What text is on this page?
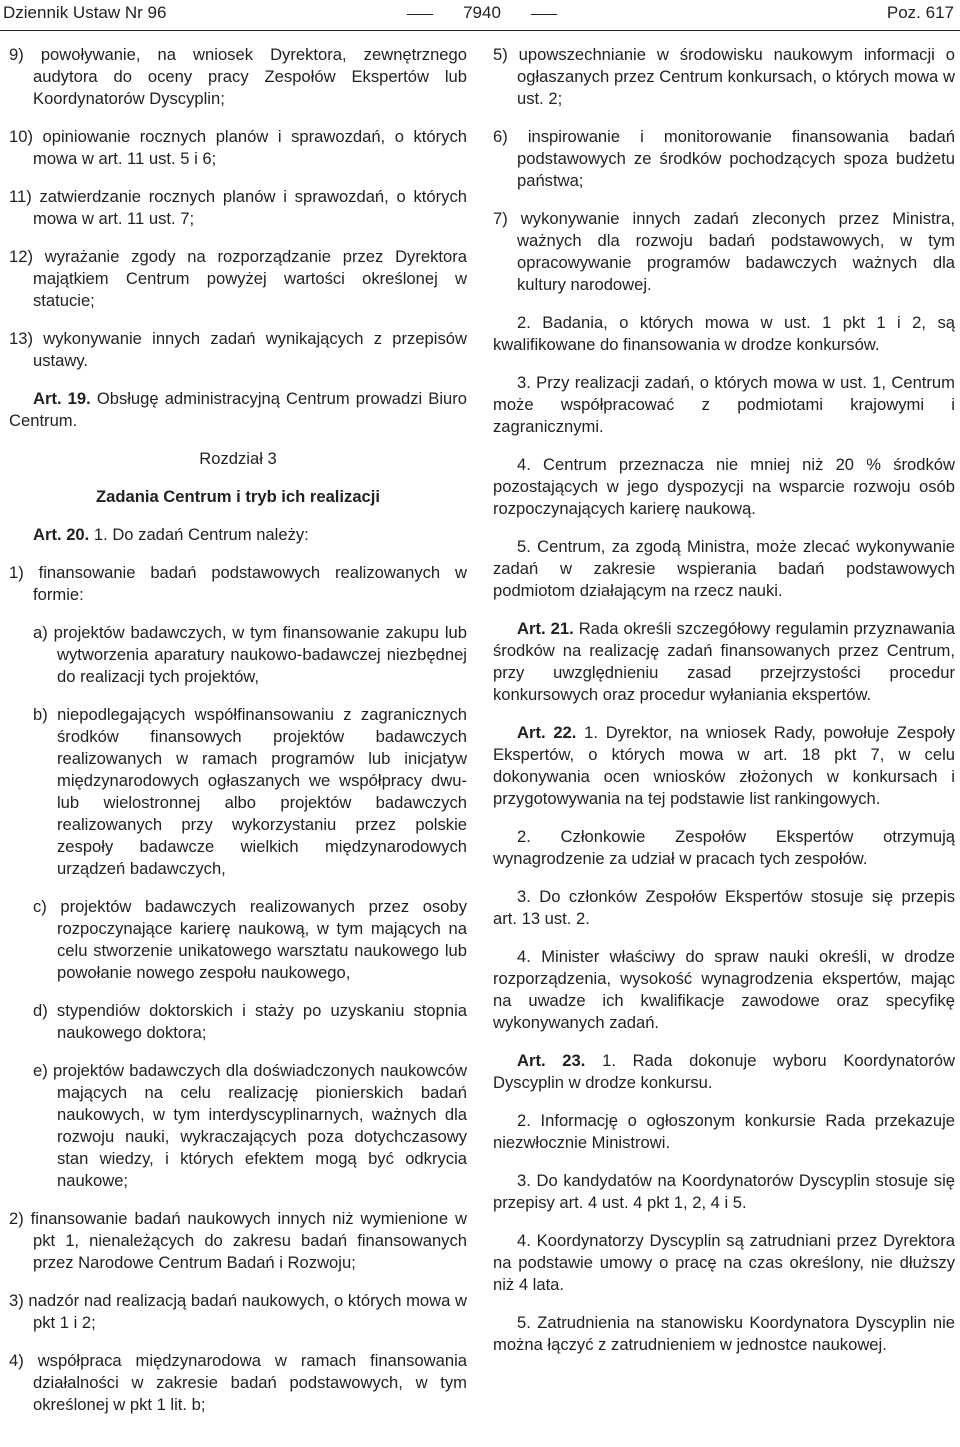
Dziennik Ustaw Nr 96	7940	Poz. 617

9) powoływanie, na wniosek Dyrektora, zewnętrznego audytora do oceny pracy Zespołów Ekspertów lub Koordynatorów Dyscyplin;

10) opiniowanie rocznych planów i sprawozdań, o których mowa w art. 11 ust. 5 i 6;

11) zatwierdzanie rocznych planów i sprawozdań, o których mowa w art. 11 ust. 7;

12) wyrażanie zgody na rozporządzanie przez Dyrektora majątkiem Centrum powyżej wartości określonej w statucie;

13) wykonywanie innych zadań wynikających z przepisów ustawy.

Art. 19. Obsługę administracyjną Centrum prowadzi Biuro Centrum.

Rozdział 3

Zadania Centrum i tryb ich realizacji

Art. 20. 1. Do zadań Centrum należy:

1) finansowanie badań podstawowych realizowanych w formie:

a) projektów badawczych, w tym finansowanie zakupu lub wytworzenia aparatury naukowo-badawczej niezbędnej do realizacji tych projektów,

b) niepodlegających współfinansowaniu z zagranicznych środków finansowych projektów badawczych realizowanych w ramach programów lub inicjatyw międzynarodowych ogłaszanych we współpracy dwu- lub wielostronnej albo projektów badawczych realizowanych przy wykorzystaniu przez polskie zespoły badawcze wielkich międzynarodowych urządzeń badawczych,

c) projektów badawczych realizowanych przez osoby rozpoczynające karierę naukową, w tym mających na celu stworzenie unikatowego warsztatu naukowego lub powołanie nowego zespołu naukowego,

d) stypendiów doktorskich i staży po uzyskaniu stopnia naukowego doktora;

e) projektów badawczych dla doświadczonych naukowców mających na celu realizację pionierskich badań naukowych, w tym interdyscyplinarnych, ważnych dla rozwoju nauki, wykraczających poza dotychczasowy stan wiedzy, i których efektem mogą być odkrycia naukowe;

2) finansowanie badań naukowych innych niż wymienione w pkt 1, nienależących do zakresu badań finansowanych przez Narodowe Centrum Badań i Rozwoju;

3) nadzór nad realizacją badań naukowych, o których mowa w pkt 1 i 2;

4) współpraca międzynarodowa w ramach finansowania działalności w zakresie badań podstawowych, w tym określonej w pkt 1 lit. b;

5) upowszechnianie w środowisku naukowym informacji o ogłaszanych przez Centrum konkursach, o których mowa w ust. 2;

6) inspirowanie i monitorowanie finansowania badań podstawowych ze środków pochodzących spoza budżetu państwa;

7) wykonywanie innych zadań zleconych przez Ministra, ważnych dla rozwoju badań podstawowych, w tym opracowywanie programów badawczych ważnych dla kultury narodowej.

2. Badania, o których mowa w ust. 1 pkt 1 i 2, są kwalifikowane do finansowania w drodze konkursów.

3. Przy realizacji zadań, o których mowa w ust. 1, Centrum może współpracować z podmiotami krajowymi i zagranicznymi.

4. Centrum przeznacza nie mniej niż 20 % środków pozostających w jego dyspozycji na wsparcie rozwoju osób rozpoczynających karierę naukową.

5. Centrum, za zgodą Ministra, może zlecać wykonywanie zadań w zakresie wspierania badań podstawowych podmiotom działającym na rzecz nauki.

Art. 21. Rada określi szczegółowy regulamin przyznawania środków na realizację zadań finansowanych przez Centrum, przy uwzględnieniu zasad przejrzystości procedur konkursowych oraz procedur wyłaniania ekspertów.

Art. 22. 1. Dyrektor, na wniosek Rady, powołuje Zespoły Ekspertów, o których mowa w art. 18 pkt 7, w celu dokonywania ocen wniosków złożonych w konkursach i przygotowywania na tej podstawie list rankingowych.

2. Członkowie Zespołów Ekspertów otrzymują wynagrodzenie za udział w pracach tych zespołów.

3. Do członków Zespołów Ekspertów stosuje się przepis art. 13 ust. 2.

4. Minister właściwy do spraw nauki określi, w drodze rozporządzenia, wysokość wynagrodzenia ekspertów, mając na uwadze ich kwalifikacje zawodowe oraz specyfikę wykonywanych zadań.

Art. 23. 1. Rada dokonuje wyboru Koordynatorów Dyscyplin w drodze konkursu.

2. Informację o ogłoszonym konkursie Rada przekazuje niezwłocznie Ministrowi.

3. Do kandydatów na Koordynatorów Dyscyplin stosuje się przepisy art. 4 ust. 4 pkt 1, 2, 4 i 5.

4. Koordynatorzy Dyscyplin są zatrudniani przez Dyrektora na podstawie umowy o pracę na czas określony, nie dłuższy niż 4 lata.

5. Zatrudnienia na stanowisku Koordynatora Dyscyplin nie można łączyć z zatrudnieniem w jednostce naukowej.
